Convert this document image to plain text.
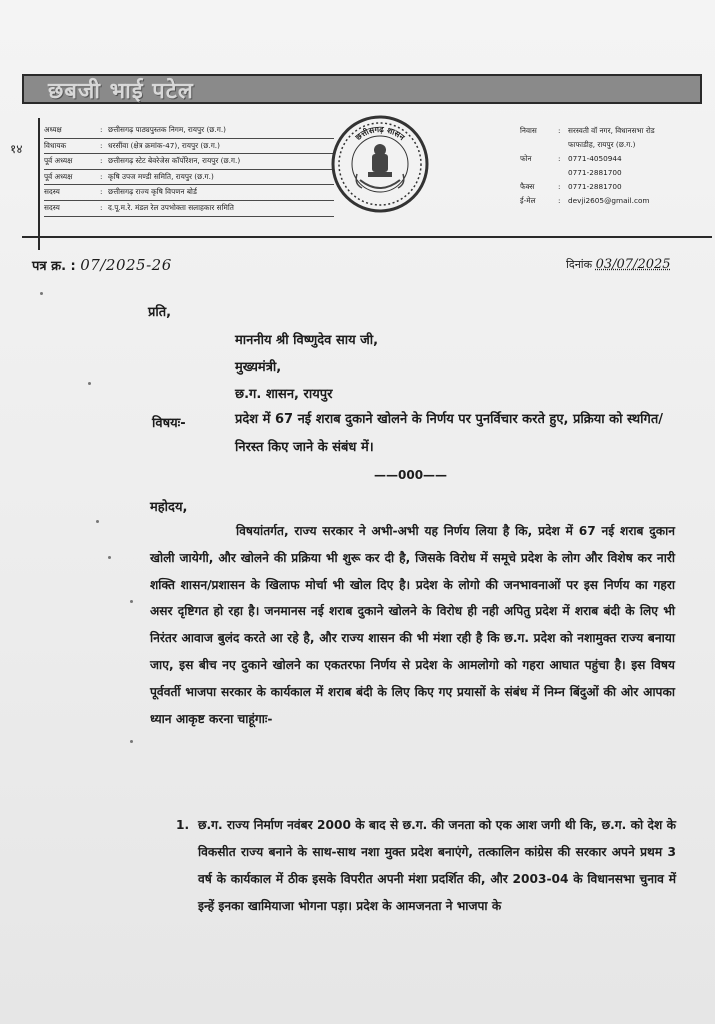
छबजी भाई पटेल
१४
अध्यक्ष	: छत्तीसगढ़ पाठ्यपुस्तक निगम, रायपुर (छ.ग.)
विधायक	: धरसींवा (क्षेत्र क्रमांक-47), रायपुर (छ.ग.)
पूर्व अध्यक्ष	: छत्तीसगढ़ स्टेट बेवरेजेस कॉर्पोरेशन, रायपुर (छ.ग.)
पूर्व अध्यक्ष	: कृषि उपज मण्डी समिति, रायपुर (छ.ग.)
सदस्य	: छत्तीसगढ़ राज्य कृषि विपणन बोर्ड
सदस्य	: द.पू.म.रे. मंडल रेल उपभोक्ता सलाहकार समिति
छत्तीसगढ़ शासन
निवास	:	सरस्वती वॉ नगर, विधानसभा रोड
फाफाडीह, रायपुर (छ.ग.)
फोन	:	0771-4050944
0771-2881700
फैक्स	:	0771-2881700
ई-मेल	:	devji2605@gmail.com
पत्र क्र. : 07/2025-26	दिनांक 03/07/2025
प्रति,
माननीय श्री विष्णुदेव साय जी,
मुख्यमंत्री,
छ.ग. शासन, रायपुर
विषयः-	प्रदेश में 67 नई शराब दुकाने खोलने के निर्णय पर पुनर्विचार करते हुए, प्रक्रिया को स्थगित/निरस्त किए जाने के संबंध में।
——000——
महोदय,
विषयांतर्गत, राज्य सरकार ने अभी-अभी यह निर्णय लिया है कि, प्रदेश में 67 नई शराब दुकान खोली जायेगी, और खोलने की प्रक्रिया भी शुरू कर दी है, जिसके विरोध में समूचे प्रदेश के लोग और विशेष कर नारी शक्ति शासन/प्रशासन के खिलाफ मोर्चा भी खोल दिए है। प्रदेश के लोगो की जनभावनाओं पर इस निर्णय का गहरा असर दृष्टिगत हो रहा है। जनमानस नई शराब दुकाने खोलने के विरोध ही नही अपितु प्रदेश में शराब बंदी के लिए भी निरंतर आवाज बुलंद करते आ रहे है, और राज्य शासन की भी मंशा रही है कि छ.ग. प्रदेश को नशामुक्त राज्य बनाया जाए, इस बीच नए दुकाने खोलने का एकतरफा निर्णय से प्रदेश के आमलोगो को गहरा आघात पहुंचा है। इस विषय पूर्ववर्ती भाजपा सरकार के कार्यकाल में शराब बंदी के लिए किए गए प्रयासों के संबंध में निम्न बिंदुओं की ओर आपका ध्यान आकृष्ट करना चाहूंगाः-
1. छ.ग. राज्य निर्माण नवंबर 2000 के बाद से छ.ग. की जनता को एक आश जगी थी कि, छ.ग. को देश के विकसीत राज्य बनाने के साथ-साथ नशा मुक्त प्रदेश बनाएंगे, तत्कालिन कांग्रेस की सरकार अपने प्रथम 3 वर्ष के कार्यकाल में ठीक इसके विपरीत अपनी मंशा प्रदर्शित की, और 2003-04 के विधानसभा चुनाव में इन्हें इनका खामियाजा भोगना पड़ा। प्रदेश के आमजनता ने भाजपा के
